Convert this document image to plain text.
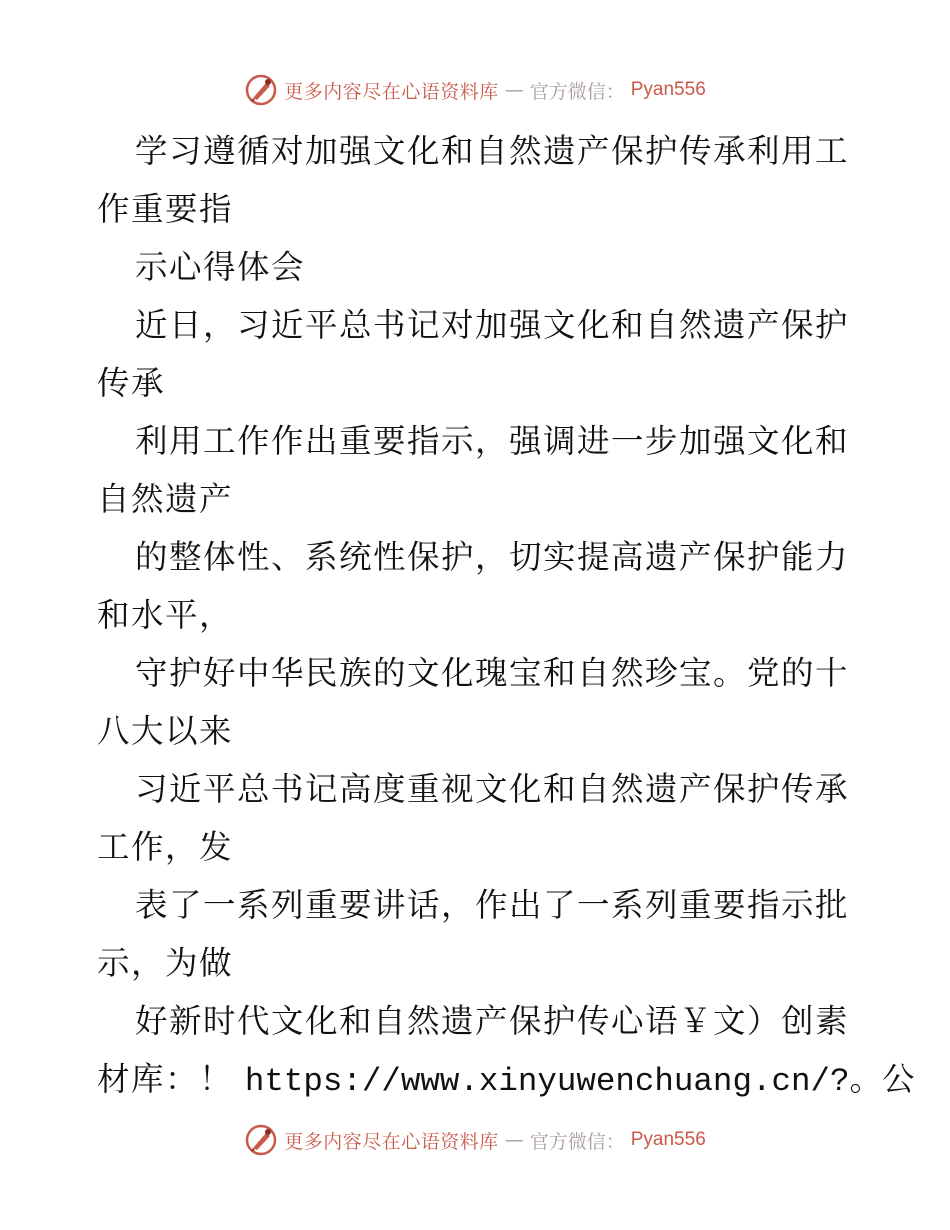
更多内容尽在心语资料库 — 官方微信： Pyan556
学习遵循对加强文化和自然遗产保护传承利用工
作重要指
示心得体会
近日，习近平总书记对加强文化和自然遗产保护
传承
利用工作作出重要指示，强调进一步加强文化和
自然遗产
的整体性、系统性保护，切实提高遗产保护能力
和水平，
守护好中华民族的文化瑰宝和自然珍宝。党的十
八大以来
习近平总书记高度重视文化和自然遗产保护传承
工作，发
表了一系列重要讲话，作出了一系列重要指示批
示，为做
好新时代文化和自然遗产保护传心语￥文）创素
材库：！ https://www.xinyuwenchuang.cn/?。公
更多内容尽在心语资料库 — 官方微信： Pyan556
